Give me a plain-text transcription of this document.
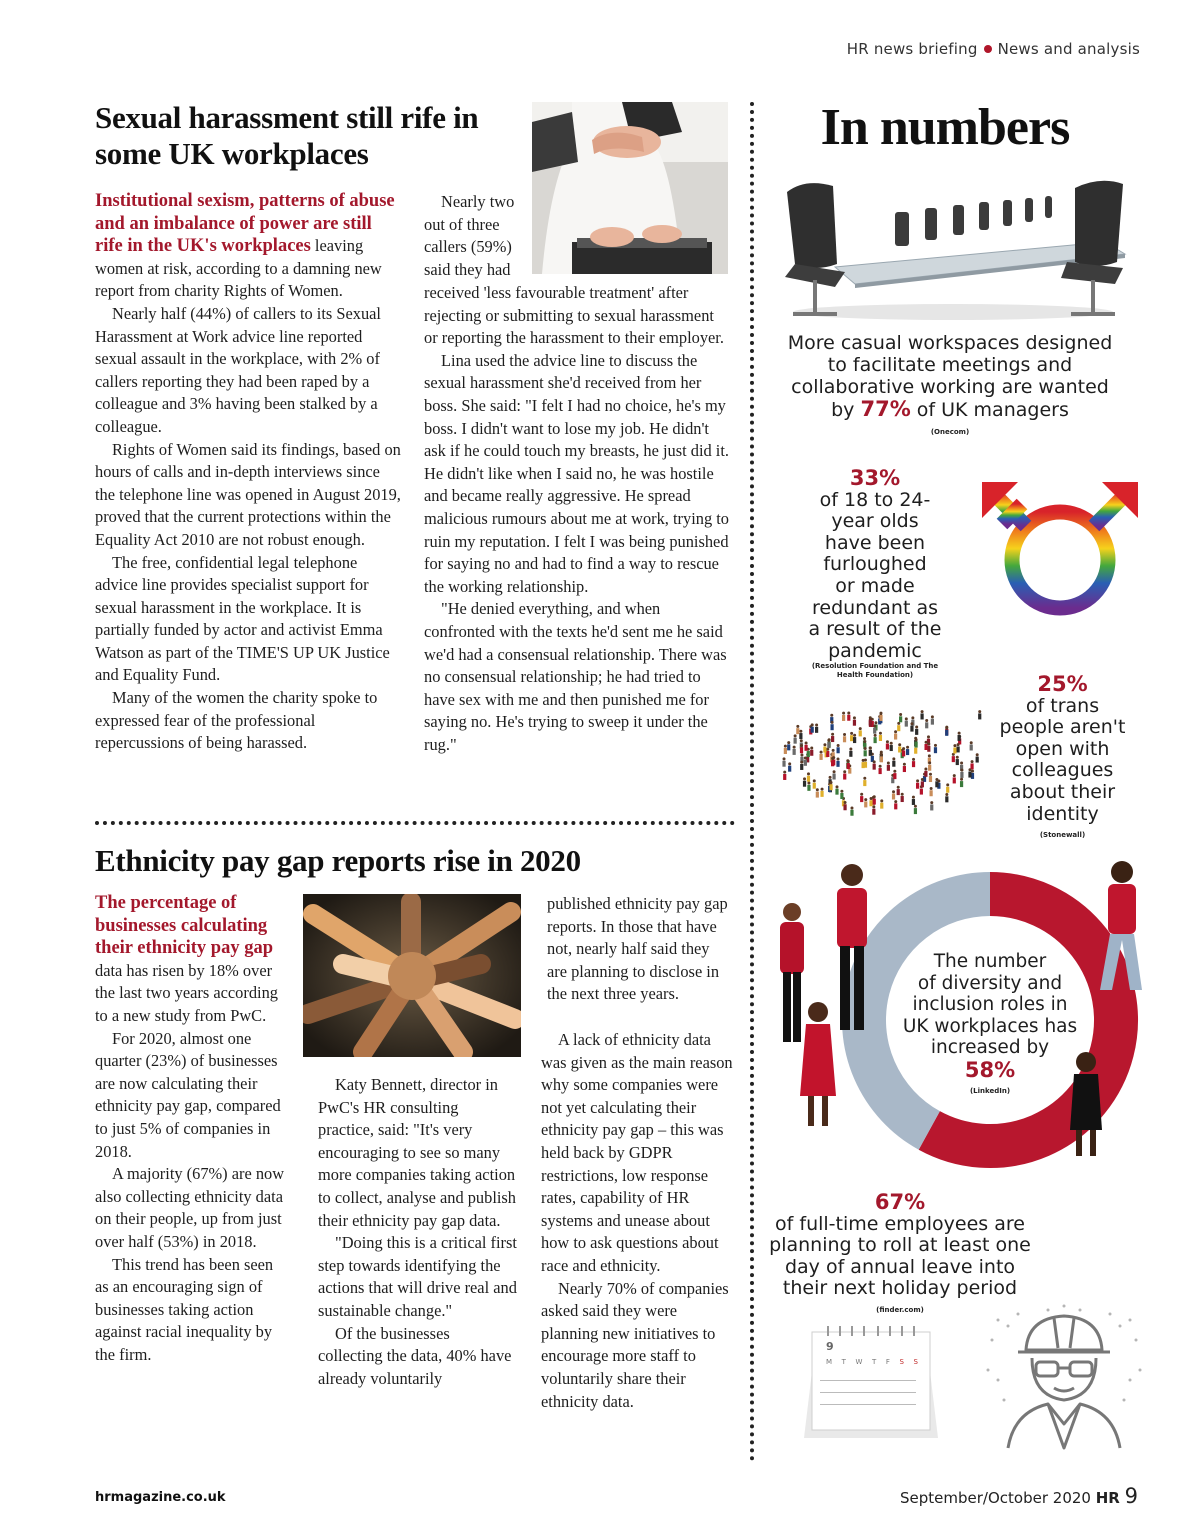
HR news briefing News and analysis
Sexual harassment still rife in some UK workplaces

Institutional sexism, patterns of abuse and an imbalance of power are still rife in the UK's workplaces leaving women at risk, according to a damning new report from charity Rights of Women.

Nearly half (44%) of callers to its Sexual Harassment at Work advice line reported sexual assault in the workplace, with 2% of callers reporting they had been raped by a colleague and 3% having been stalked by a colleague.

Rights of Women said its findings, based on hours of calls and in-depth interviews since the telephone line was opened in August 2019, proved that the current protections within the Equality Act 2010 are not robust enough.

The free, confidential legal telephone advice line provides specialist support for sexual harassment in the workplace. It is partially funded by actor and activist Emma Watson as part of the TIME'S UP UK Justice and Equality Fund.

Many of the women the charity spoke to expressed fear of the professional repercussions of being harassed.

Nearly two out of three callers (59%) said they had

received 'less favourable treatment' after rejecting or submitting to sexual harassment or reporting the harassment to their employer.

Lina used the advice line to discuss the sexual harassment she'd received from her boss. She said: "I felt I had no choice, he's my boss. I didn't want to lose my job. He didn't ask if he could touch my breasts, he just did it. He didn't like when I said no, he was hostile and became really aggressive. He spread malicious rumours about me at work, trying to ruin my reputation. I felt I was being punished for saying no and had to find a way to rescue the working relationship.

"He denied everything, and when confronted with the texts he'd sent me he said we'd had a consensual relationship. There was no consensual relationship; he had tried to have sex with me and then punished me for saying no. He's trying to sweep it under the rug."

Ethnicity pay gap reports rise in 2020

The percentage of businesses calculating their ethnicity pay gap
data has risen by 18% over the last two years according to a new study from PwC.

For 2020, almost one quarter (23%) of businesses are now calculating their ethnicity pay gap, compared to just 5% of companies in 2018.

A majority (67%) are now also collecting ethnicity data on their people, up from just over half (53%) in 2018.

This trend has been seen as an encouraging sign of businesses taking action against racial inequality by the firm.

Katy Bennett, director in PwC's HR consulting practice, said: "It's very encouraging to see so many more companies taking action to collect, analyse and publish their ethnicity pay gap data.

"Doing this is a critical first step towards identifying the actions that will drive real and sustainable change."

Of the businesses collecting the data, 40% have already voluntarily

published ethnicity pay gap reports. In those that have not, nearly half said they are planning to disclose in the next three years.

A lack of ethnicity data was given as the main reason why some companies were not yet calculating their ethnicity pay gap – this was held back by GDPR restrictions, low response rates, capability of HR systems and unease about how to ask questions about race and ethnicity.

Nearly 70% of companies asked said they were planning new initiatives to encourage more staff to voluntarily share their ethnicity data.

In numbers
More casual workspaces designed
to facilitate meetings and
collaborative working are wanted
by 77% of UK managers
(Onecom)
33%
of 18 to 24-
year olds
have been
furloughed
or made
redundant as
a result of the
pandemic
(Resolution Foundation and The Health Foundation)	25%
of trans
people aren't
open with
colleagues
about their
identity
(Stonewall)
The number
of diversity and
inclusion roles in
UK workplaces has
increased by
58%
(LinkedIn)
67%
of full-time employees are
planning to roll at least one
day of annual leave into
their next holiday period
(finder.com)
9
M T W T F S S
hrmagazine.co.uk	September/October 2020 HR 9
